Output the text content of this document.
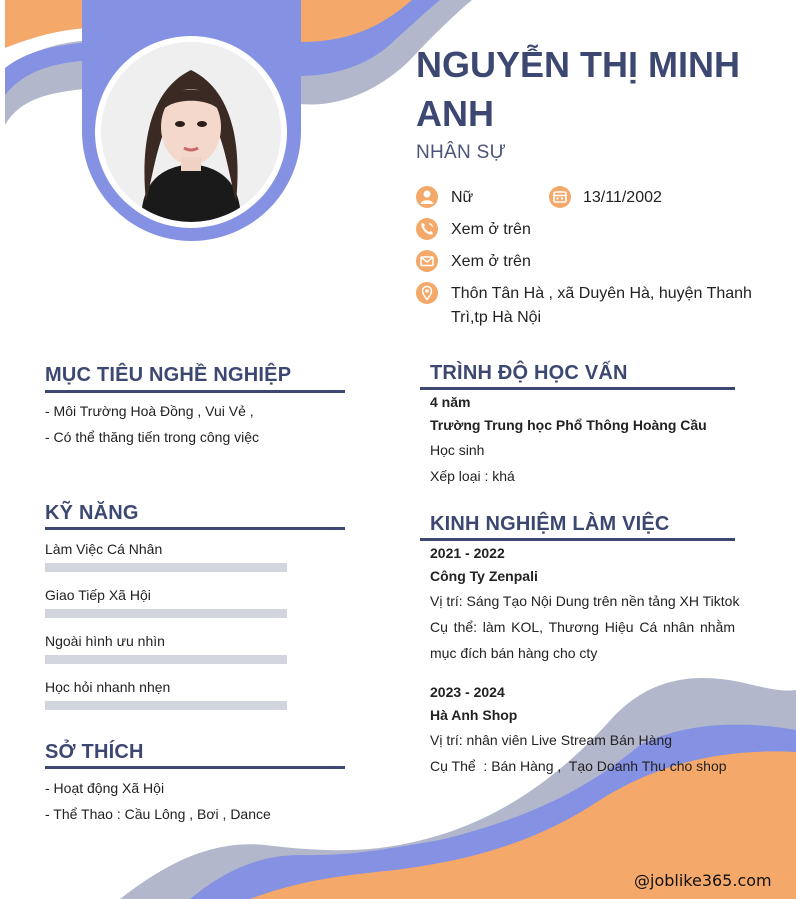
NGUYỄN THỊ MINH ANH
NHÂN SỰ
Nữ	13/11/2002
Xem ở trên
Xem ở trên
Thôn Tân Hà , xã Duyên Hà, huyện Thanh
Trì,tp Hà Nội
MỤC TIÊU NGHỀ NGHIỆP
- Môi Trường Hoà Đồng , Vui Vẻ ,
- Có thể thăng tiến trong công việc
KỸ NĂNG
Làm Việc Cá Nhân
Giao Tiếp Xã Hội
Ngoài hình ưu nhìn
Học hỏi nhanh nhẹn
SỞ THÍCH
- Hoạt động Xã Hội
- Thể Thao : Cầu Lông , Bơi , Dance
TRÌNH ĐỘ HỌC VẤN
4 năm
Trường Trung học Phổ Thông Hoàng Cầu
Học sinh
Xếp loại : khá
KINH NGHIỆM LÀM VIỆC
2021 - 2022
Công Ty Zenpali
Vị trí: Sáng Tạo Nội Dung trên nền tảng XH Tiktok
Cụ thể: làm KOL, Thương Hiệu Cá nhân nhằm
mục đích bán hàng cho cty
2023 - 2024
Hà Anh Shop
Vị trí: nhân viên Live Stream Bán Hàng
Cụ Thể  : Bán Hàng ,  Tạo Doanh Thu cho shop
@joblike365.com
